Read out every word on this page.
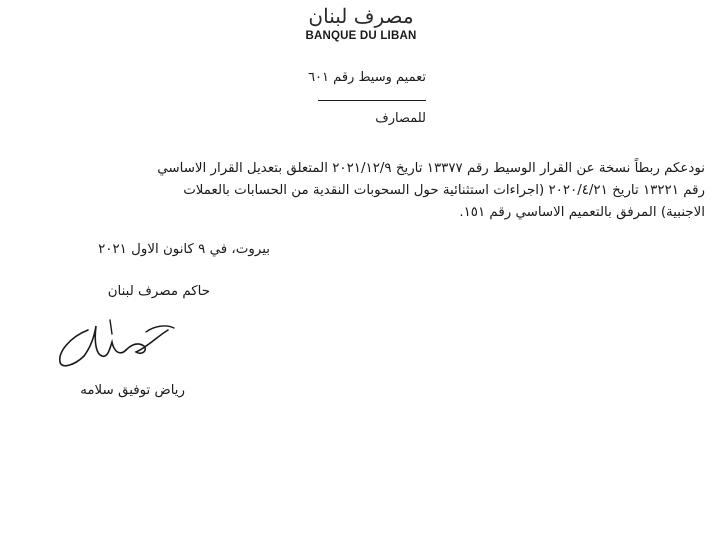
مصرف لبنان
BANQUE DU LIBAN
تعميم وسيط رقم ٦٠١
للمصارف
نودعكم ربطاً نسخة عن القرار الوسيط رقم ١٣٣٧٧ تاريخ ٢٠٢١/١٢/٩ المتعلق بتعديل القرار الاساسي
رقم ١٣٢٢١ تاريخ ٢٠٢٠/٤/٢١ (اجراءات استثنائية حول السحوبات النقدية من الحسابات بالعملات
الاجنبية) المرفق بالتعميم الاساسي رقم ١٥١.
بيروت، في ٩ كانون الاول ٢٠٢١
حاكم مصرف لبنان
رياض توفيق سلامه
